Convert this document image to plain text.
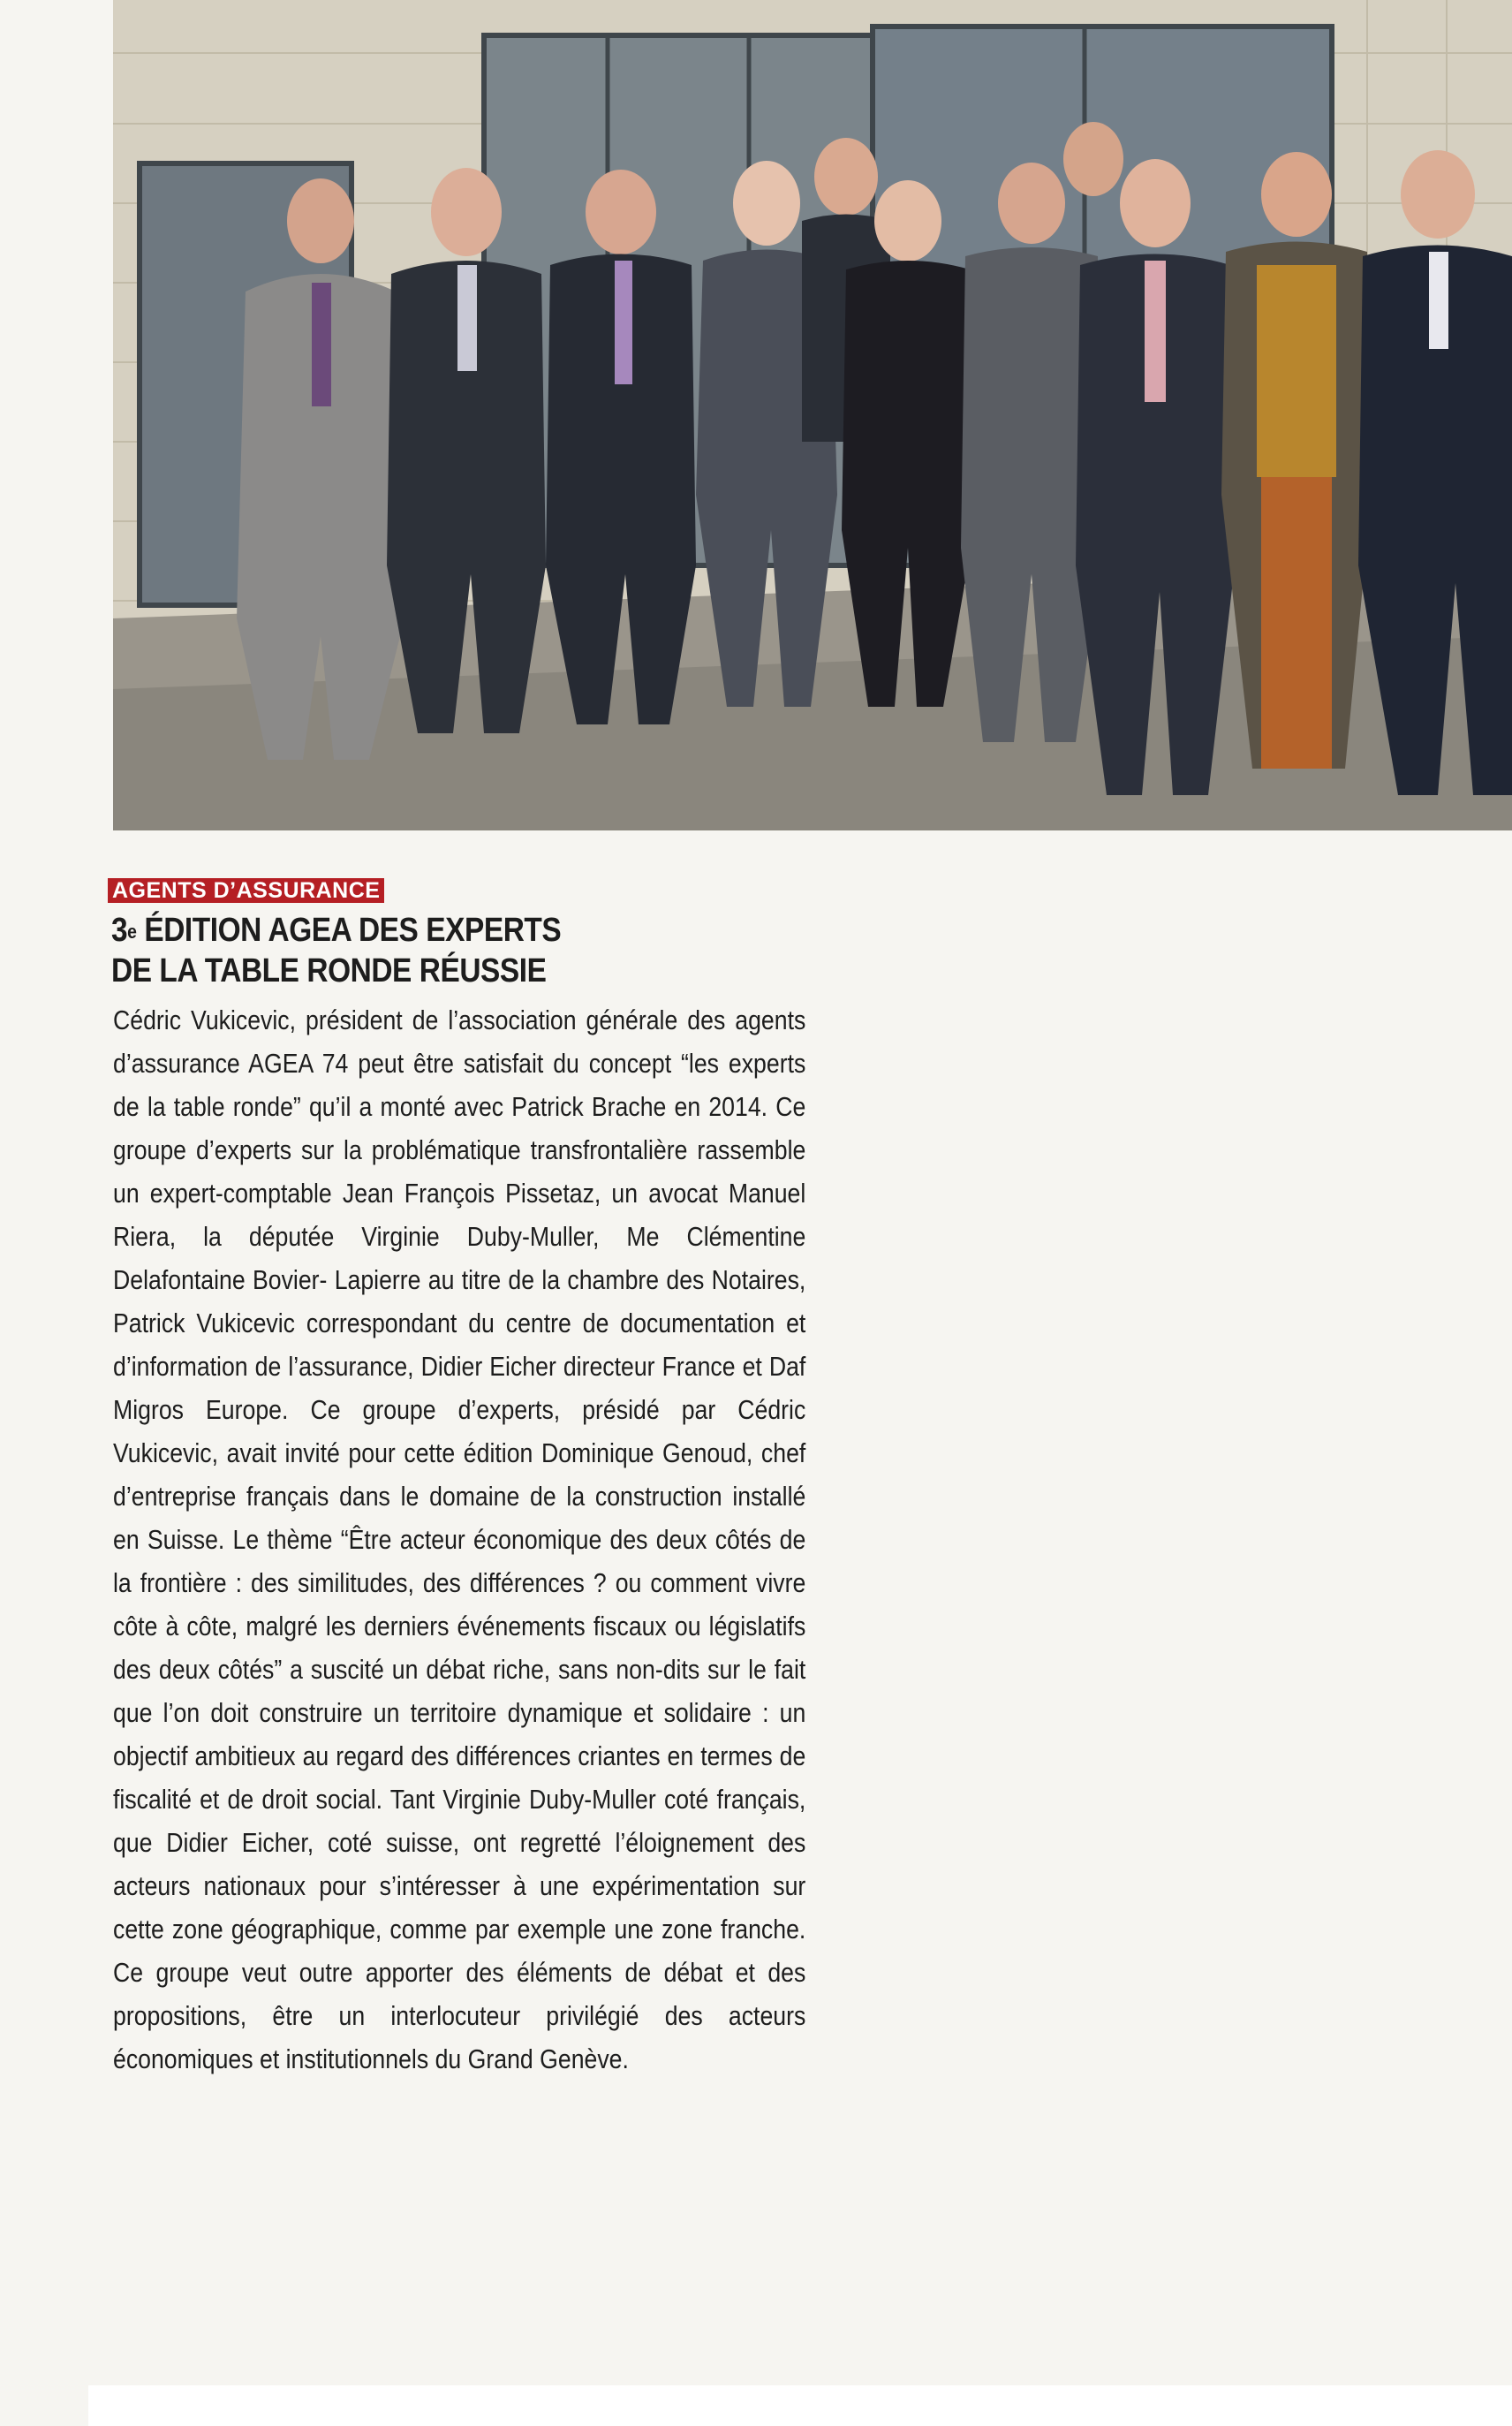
AGENTS D’ASSURANCE
3e ÉDITION AGEA DES EXPERTS
DE LA TABLE RONDE RÉUSSIE

Cédric Vukicevic, président de l’association générale des agents d’assurance AGEA 74 peut être satisfait du concept “les experts de la table ronde” qu’il a monté avec Patrick Brache en 2014. Ce groupe d’experts sur la problématique transfrontalière rassemble un expert-comptable Jean François Pissetaz, un avocat Manuel Riera, la députée Virginie Duby-Muller, Me Clémentine Delafontaine Bovier- Lapierre au titre de la chambre des Notaires, Patrick Vukicevic correspondant du centre de documentation et d’information de l’assurance, Didier Eicher directeur France et Daf Migros Europe. Ce groupe d’experts, présidé par Cédric Vukicevic, avait invité pour cette édition Dominique Genoud, chef d’entreprise français dans le domaine de la construction installé en Suisse. Le thème “Être acteur économique des deux côtés de la frontière : des similitudes, des différences ? ou comment vivre côte à côte, malgré les derniers événements fiscaux ou législatifs des deux côtés” a suscité un débat riche, sans non-dits sur le fait que l’on doit construire un territoire dynamique et solidaire : un objectif ambitieux au regard des différences criantes en termes de fiscalité et de droit social. Tant Virginie Duby-Muller coté français, que Didier Eicher, coté suisse, ont regretté l’éloignement des acteurs nationaux pour s’intéresser à une expérimentation sur cette zone géographique, comme par exemple une zone franche. Ce groupe veut outre apporter des éléments de débat et des propositions, être un interlocuteur privilégié des acteurs économiques et institutionnels du Grand Genève.
